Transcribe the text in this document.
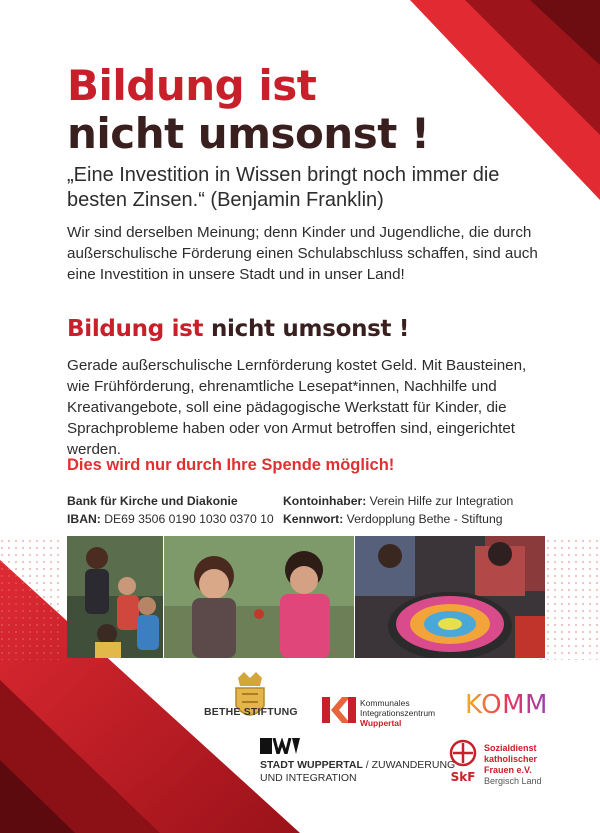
Bildung ist
nicht umsonst !
„Eine Investition in Wissen bringt noch immer die besten Zinsen.“ (Benjamin Franklin)
Wir sind derselben Meinung; denn Kinder und Jugendliche, die durch außerschulische Förderung einen Schulabschluss schaffen, sind auch eine Investition in unsere Stadt und in unser Land!
Bildung ist nicht umsonst !
Gerade außerschulische Lernförderung kostet Geld. Mit Bausteinen, wie Frühförderung, ehrenamtliche Lesepat*innen, Nachhilfe und Kreativangebote, soll eine pädagogische Werkstatt für Kinder, die Sprachprobleme haben oder von Armut betroffen sind, eingerichtet werden.
Dies wird nur durch Ihre Spende möglich!
Bank für Kirche und Diakonie
IBAN: DE69 3506 0190 1030 0370 10
Kontoinhaber: Verein Hilfe zur Integration
Kennwort: Verdopplung Bethe - Stiftung
BETHE STIFTUNG
Kommunales
Integrationszentrum
Wuppertal
KOMM
STADT WUPPERTAL / ZUWANDERUNG
UND INTEGRATION	SkF
Sozialdienst
katholischer
Frauen e.V.
Bergisch Land
